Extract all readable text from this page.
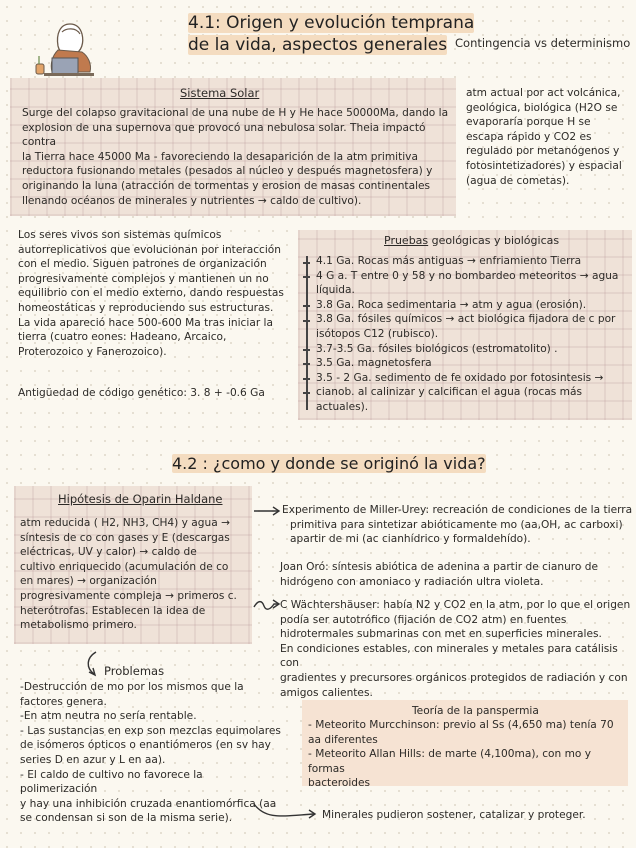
4.1: Origen y evolución temprana
de la vida, aspectos generales Contingencia vs determinismo
Sistema Solar
Surge del colapso gravitacional de una nube de H y He hace 50000Ma, dando la
explosion de una supernova que provocó una nebulosa solar. Theia impactó contra
la Tierra hace 45000 Ma - favoreciendo la desaparición de la atm primitiva
reductora fusionando metales (pesados al núcleo y después magnetosfera) y
originando la luna (atracción de tormentas y erosion de masas continentales
llenando océanos de minerales y nutrientes → caldo de cultivo).
atm actual por act volcánica,
geológica, biológica (H2O se
evaporaría porque H se
escapa rápido y CO2 es
regulado por metanógenos y
fotosintetizadores) y espacial
(agua de cometas).
Los seres vivos son sistemas químicos
autorreplicativos que evolucionan por interacción
con el medio. Siguen patrones de organización
progresivamente complejos y mantienen un no
equilibrio con el medio externo, dando respuestas
homeostáticas y reproduciendo sus estructuras.
La vida apareció hace 500-600 Ma tras iniciar la
tierra (cuatro eones: Hadeano, Arcaico,
Proterozoico y Fanerozoico).
Antigüedad de código genético: 3. 8 + -0.6 Ga
Pruebas geológicas y biológicas
4.1 Ga. Rocas más antiguas → enfriamiento Tierra
4 G a. T entre 0 y 58 y no bombardeo meteoritos → agua
líquida.
3.8 Ga. Roca sedimentaria → atm y agua (erosión).
3.8 Ga. fósiles químicos → act biológica fijadora de c por
isótopos C12 (rubisco).
3.7-3.5 Ga. fósiles biológicos (estromatolito) .
3.5 Ga. magnetosfera
3.5 - 2 Ga. sedimento de fe oxidado por fotosintesis →
cianob. al calinizar y calcifican el agua (rocas más actuales).
4.2 : ¿como y donde se originó la vida?
Hipótesis de Oparin Haldane
atm reducida ( H2, NH3, CH4) y agua →
síntesis de co con gases y E (descargas
eléctricas, UV y calor) → caldo de
cultivo enriquecido (acumulación de co
en mares) → organización
progresivamente compleja → primeros c.
heterótrofas. Establecen la idea de
metabolismo primero.
Experimento de Miller-Urey: recreación de condiciones de la tierra
primitiva para sintetizar abióticamente mo (aa,OH, ac carboxi)
apartir de mi (ac cianhídrico y formaldehído).
Joan Oró: síntesis abiótica de adenina a partir de cianuro de
hidrógeno con amoniaco y radiación ultra violeta.
C Wächtershäuser: había N2 y CO2 en la atm, por lo que el origen
podía ser autotrófico (fijación de CO2 atm) en fuentes
hidrotermales submarinas con met en superficies minerales.
En condiciones estables, con minerales y metales para catálisis con
gradientes y precursores orgánicos protegidos de radiación y con
amigos calientes.
Problemas
-Destrucción de mo por los mismos que la
factores genera.
-En atm neutra no sería rentable.
- Las sustancias en exp son mezclas equimolares
de isómeros ópticos o enantiómeros (en sv hay
series D en azur y L en aa).
- El caldo de cultivo no favorece la polimerización
y hay una inhibición cruzada enantiomórfica (aa
se condensan si son de la misma serie).
Teoría de la panspermia
- Meteorito Murcchinson: previo al Ss (4,650 ma) tenía 70
aa diferentes
- Meteorito Allan Hills: de marte (4,100ma), con mo y formas
bacteroides
Minerales pudieron sostener, catalizar y proteger.
